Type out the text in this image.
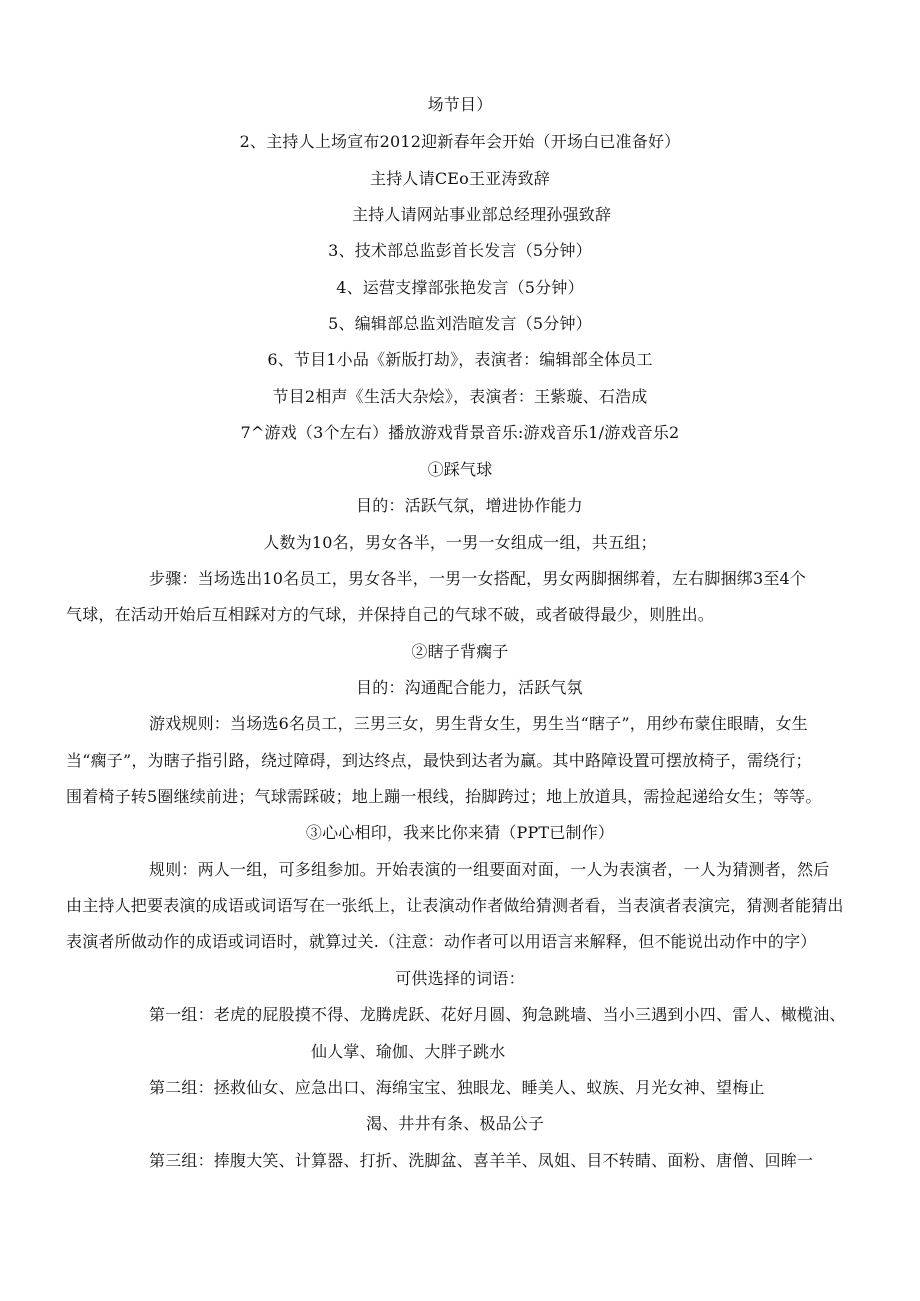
场节目）
2、主持人上场宣布2012迎新春年会开始（开场白已准备好）
主持人请CEo王亚涛致辞
主持人请网站事业部总经理孙强致辞
3、技术部总监彭首长发言（5分钟）
4、运营支撑部张艳发言（5分钟）
5、编辑部总监刘浩暄发言（5分钟）
6、节目1小品《新版打劫》，表演者：编辑部全体员工
节目2相声《生活大杂烩》，表演者：王紫璇、石浩成
7^游戏（3个左右）播放游戏背景音乐:游戏音乐1/游戏音乐2
①踩气球
目的：活跃气氛，增进协作能力
人数为10名，男女各半，一男一女组成一组，共五组；
步骤：当场选出10名员工，男女各半，一男一女搭配，男女两脚捆绑着，左右脚捆绑3至4个
气球，在活动开始后互相踩对方的气球，并保持自己的气球不破，或者破得最少，则胜出。
②瞎子背瘸子
目的：沟通配合能力，活跃气氛
游戏规则：当场选6名员工，三男三女，男生背女生，男生当“瞎子”，用纱布蒙住眼睛，女生
当“瘸子”，为瞎子指引路，绕过障碍，到达终点，最快到达者为赢。其中路障设置可摆放椅子，需绕行；
围着椅子转5圈继续前进；气球需踩破；地上蹦一根线，抬脚跨过；地上放道具，需捡起递给女生；等等。
③心心相印，我来比你来猜（PPT已制作）
规则：两人一组，可多组参加。开始表演的一组要面对面，一人为表演者，一人为猜测者，然后
由主持人把要表演的成语或词语写在一张纸上，让表演动作者做给猜测者看，当表演者表演完，猜测者能猜出
表演者所做动作的成语或词语时，就算过关.（注意：动作者可以用语言来解释，但不能说出动作中的字）
可供选择的词语：
第一组：老虎的屁股摸不得、龙腾虎跃、花好月圆、狗急跳墙、当小三遇到小四、雷人、橄榄油、
仙人掌、瑜伽、大胖子跳水
第二组：拯救仙女、应急出口、海绵宝宝、独眼龙、睡美人、蚁族、月光女神、望梅止
渴、井井有条、极品公子
第三组：捧腹大笑、计算器、打折、洗脚盆、喜羊羊、凤姐、目不转睛、面粉、唐僧、回眸一
